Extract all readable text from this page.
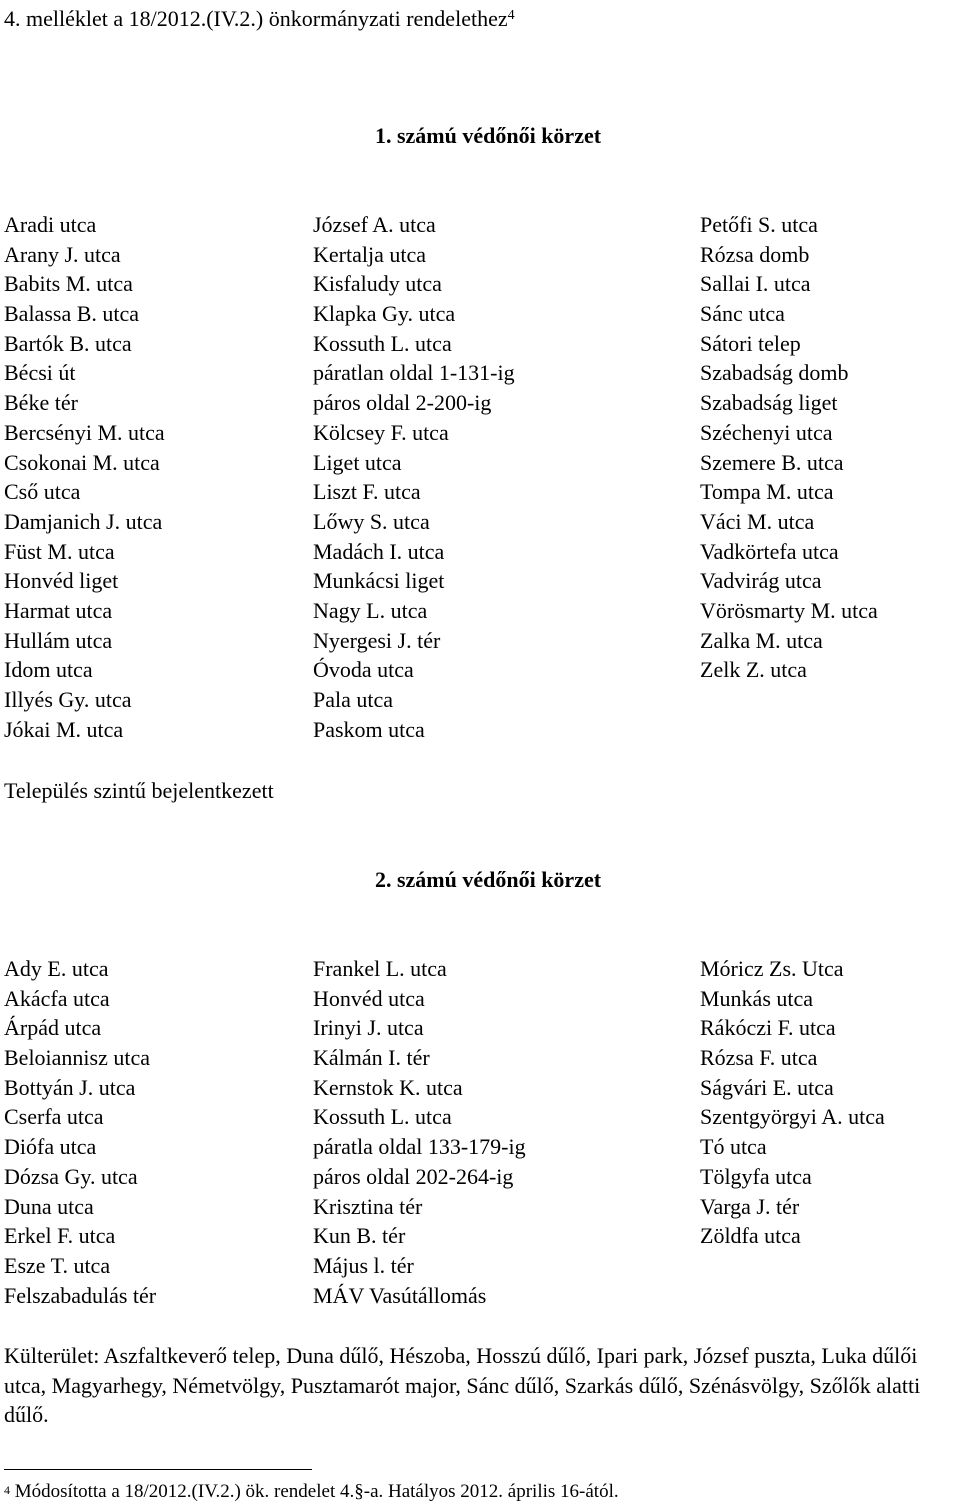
4. melléklet a 18/2012.(IV.2.) önkormányzati rendelethez$^4$
1. számú védőnői körzet
Aradi utca
Arany J. utca
Babits M. utca
Balassa B. utca
Bartók B. utca
Bécsi út
Béke tér
Bercsényi M. utca
Csokonai M. utca
Cső utca
Damjanich J. utca
Füst M. utca
Honvéd liget
Harmat utca
Hullám utca
Idom utca
Illyés Gy. utca
Jókai M. utca
József A. utca
Kertalja utca
Kisfaludy utca
Klapka Gy. utca
Kossuth L. utca
páratlan oldal 1-131-ig
páros oldal 2-200-ig
Kölcsey F. utca
Liget utca
Liszt F. utca
Lőwy S. utca
Madách I. utca
Munkácsi liget
Nagy L. utca
Nyergesi J. tér
Óvoda utca
Pala utca
Paskom utca
Petőfi S. utca
Rózsa domb
Sallai I. utca
Sánc utca
Sátori telep
Szabadság domb
Szabadság liget
Széchenyi utca
Szemere B. utca
Tompa M. utca
Váci M. utca
Vadkörtefa utca
Vadvirág utca
Vörösmarty M. utca
Zalka M. utca
Zelk Z. utca
Település szintű bejelentkezett
2. számú védőnői körzet
Ady E. utca
Akácfa utca
Árpád utca
Beloiannisz utca
Bottyán J. utca
Cserfa utca
Diófa utca
Dózsa Gy. utca
Duna utca
Erkel F. utca
Esze T. utca
Felszabadulás tér
Frankel L. utca
Honvéd utca
Irinyi J. utca
Kálmán I. tér
Kernstok K. utca
Kossuth L. utca
páratla oldal 133-179-ig
páros oldal 202-264-ig
Krisztina tér
Kun B. tér
Május l. tér
MÁV Vasútállomás
Móricz Zs. Utca
Munkás utca
Rákóczi F. utca
Rózsa F. utca
Ságvári E. utca
Szentgyörgyi A. utca
Tó utca
Tölgyfa utca
Varga J. tér
Zöldfa utca
Külterület: Aszfaltkeverő telep, Duna dűlő, Hészoba, Hosszú dűlő, Ipari park, József puszta, Luka dűlői utca, Magyarhegy, Németvölgy, Pusztamarót major, Sánc dűlő, Szarkás dűlő, Szénásvölgy, Szőlők alatti dűlő.
$^4$ Módosította a 18/2012.(IV.2.) ök. rendelet 4.§-a. Hatályos 2012. április 16-ától.
